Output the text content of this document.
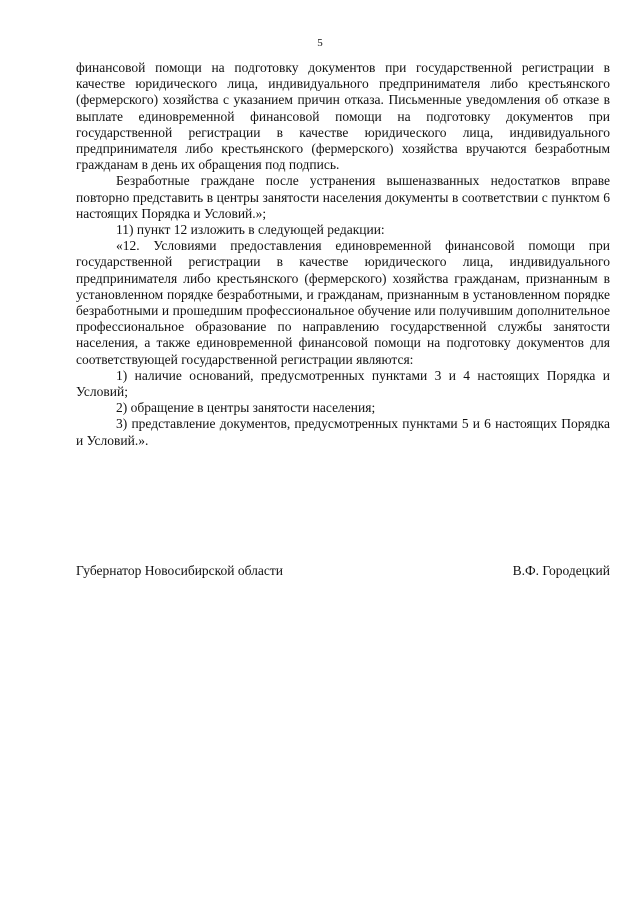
5

финансовой помощи на подготовку документов при государственной регистрации в качестве юридического лица, индивидуального предпринимателя либо крестьянского (фермерского) хозяйства с указанием причин отказа. Письменные уведомления об отказе в выплате единовременной финансовой помощи на подготовку документов при государственной регистрации в качестве юридического лица, индивидуального предпринимателя либо крестьянского (фермерского) хозяйства вручаются безработным гражданам в день их обращения под подпись.

Безработные граждане после устранения вышеназванных недостатков вправе повторно представить в центры занятости населения документы в соответствии с пунктом 6 настоящих Порядка и Условий.»;

11) пункт 12 изложить в следующей редакции:

«12. Условиями предоставления единовременной финансовой помощи при государственной регистрации в качестве юридического лица, индивидуального предпринимателя либо крестьянского (фермерского) хозяйства гражданам, признанным в установленном порядке безработными, и гражданам, признанным в установленном порядке безработными и прошедшим профессиональное обучение или получившим дополнительное профессиональное образование по направлению государственной службы занятости населения, а также единовременной финансовой помощи на подготовку документов для соответствующей государственной регистрации являются:

1) наличие оснований, предусмотренных пунктами 3 и 4 настоящих Порядка и Условий;

2) обращение в центры занятости населения;

3) представление документов, предусмотренных пунктами 5 и 6 настоящих Порядка и Условий.».

Губернатор Новосибирской области	В.Ф. Городецкий
